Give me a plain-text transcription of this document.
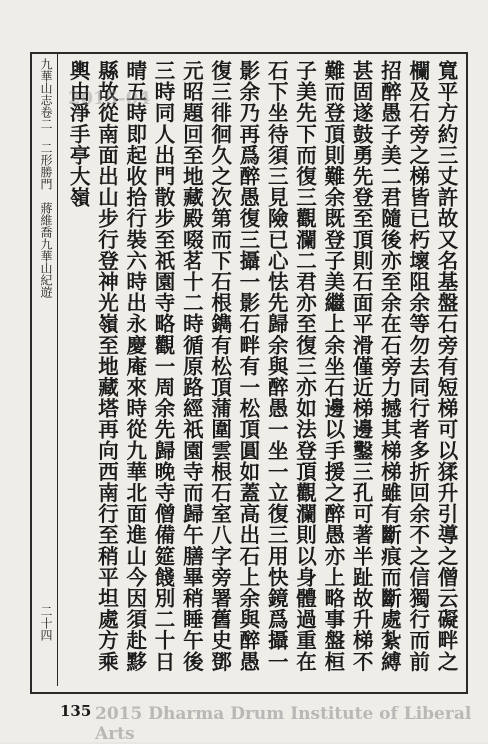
九華山志卷二　二形勝門　蔣維喬九華山紀遊
二十四	寬平方約三丈許故又名基盤石旁有短梯可以猱升引導之僧云礙畔之欄及石旁之梯皆已朽壞阻余等勿去同行者多折回余不之信獨行而前招醉愚子美二君隨後亦至余在石旁力撼其梯梯雖有斷痕而斷處紮縛甚固遂鼓勇先登至頂則石面平滑僅近梯邊鑿三孔可著半趾故升梯不難而登頂則難余既登子美繼上余坐石邊以手援之醉愚亦上略事盤桓子美先下而復三觀瀾二君亦至復三亦如法登頂觀瀾則以身體過重在石下坐待須三見險已心怯先歸余與醉愚一坐一立復三用快鏡爲攝一影余乃再爲醉愚復三攝一影石畔有一松頂圓如蓋高出石上余與醉愚復三徘徊久之次第而下石根鐫有松頂蒲圍雲根石室八字旁署舊史鄧元昭題回至地藏殿啜茗十二時循原路經祇園寺而歸午膳畢稍睡午後三時同人出門散步至祇園寺略觀一周余先歸晚寺僧備筵餞別二十日晴五時即起收拾行裝六時出永慶庵來時從九華北面進山今因須赴黟縣故從南面出山步行登神光嶺至地藏塔再向西南行至稍平坦處方乘輿由淨手亭大嶺
2015-04
135 2015 Dharma Drum Institute of Liberal Arts
